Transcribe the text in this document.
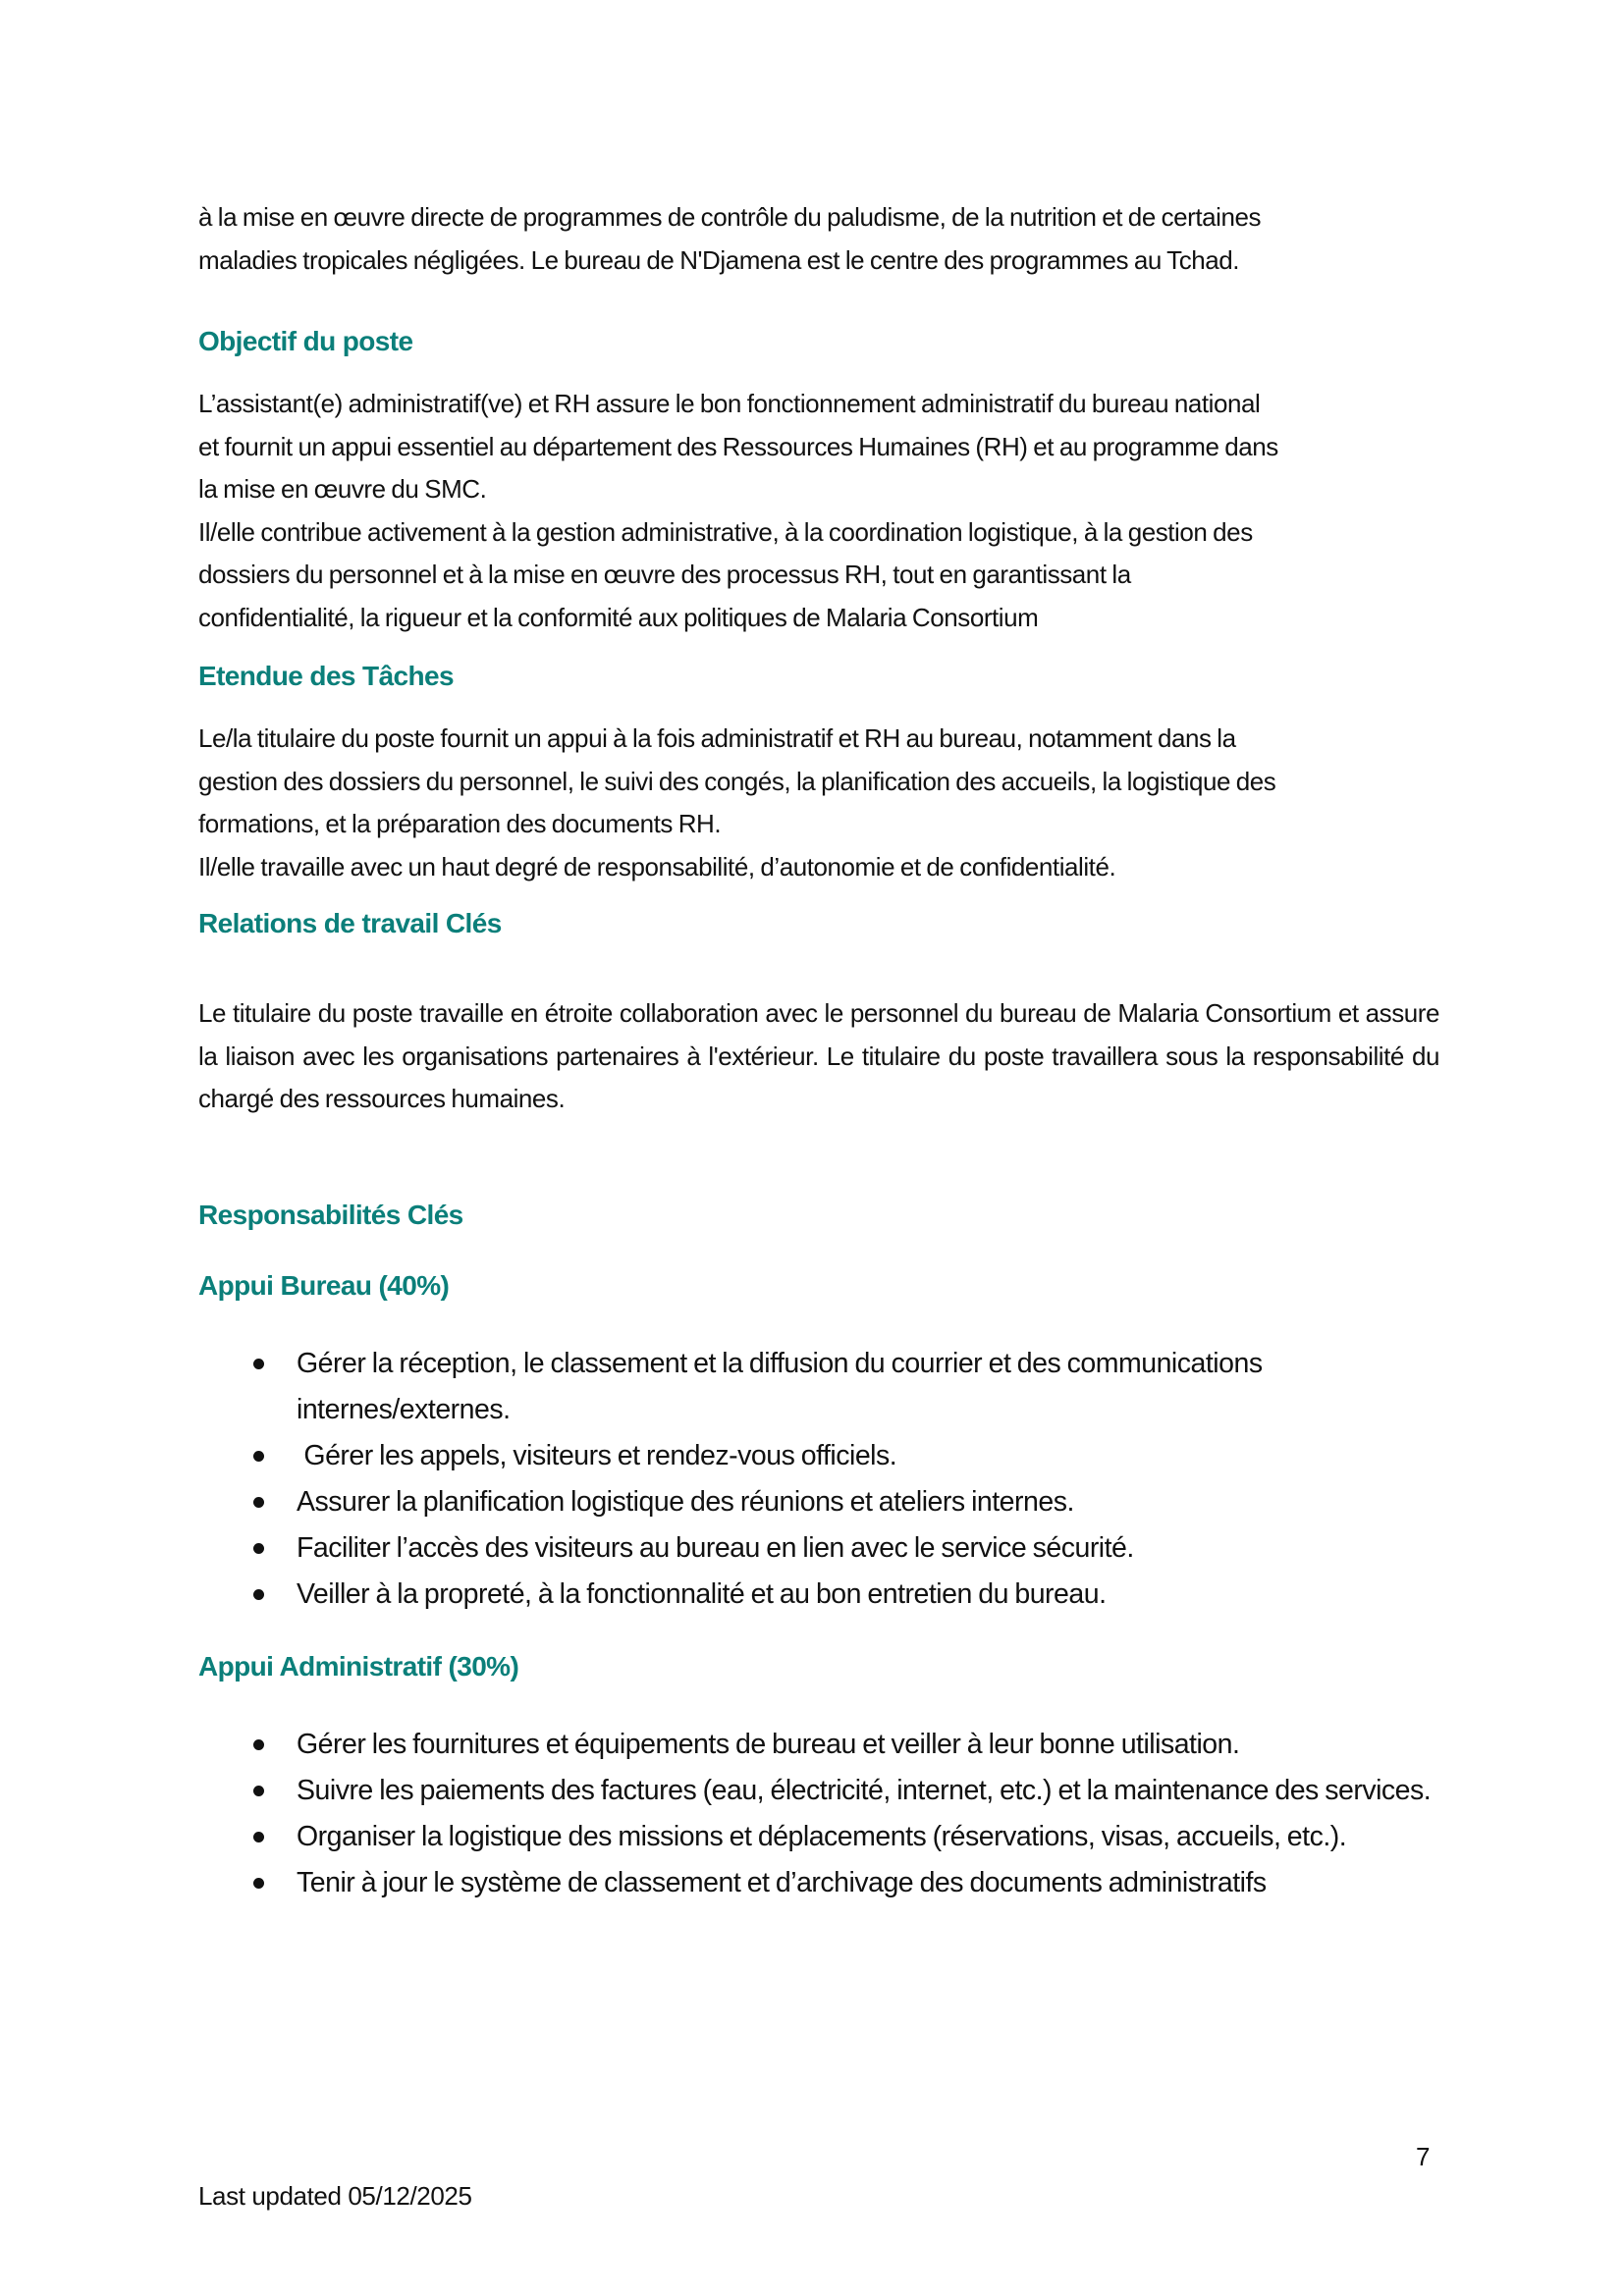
à la mise en œuvre directe de programmes de contrôle du paludisme, de la nutrition et de certaines

maladies tropicales négligées. Le bureau de N'Djamena est le centre des programmes au Tchad.

Objectif du poste

L’assistant(e) administratif(ve) et RH assure le bon fonctionnement administratif du bureau national

et fournit un appui essentiel au département des Ressources Humaines (RH) et au programme dans

la mise en œuvre du SMC.

Il/elle contribue activement à la gestion administrative, à la coordination logistique, à la gestion des

dossiers du personnel et à la mise en œuvre des processus RH, tout en garantissant la

confidentialité, la rigueur et la conformité aux politiques de Malaria Consortium

Etendue des Tâches

Le/la titulaire du poste fournit un appui à la fois administratif et RH au bureau, notamment dans la

gestion des dossiers du personnel, le suivi des congés, la planification des accueils, la logistique des

formations, et la préparation des documents RH.

Il/elle travaille avec un haut degré de responsabilité, d’autonomie et de confidentialité.

Relations de travail Clés

Le titulaire du poste travaille en étroite collaboration avec le personnel du bureau de Malaria Consortium et assure la liaison avec les organisations partenaires à l'extérieur. Le titulaire du poste travaillera sous la responsabilité du chargé des ressources humaines.

Responsabilités Clés
Appui Bureau (40%)
Gérer la réception, le classement et la diffusion du courrier et des communications internes/externes.
Gérer les appels, visiteurs et rendez-vous officiels.
Assurer la planification logistique des réunions et ateliers internes.
Faciliter l’accès des visiteurs au bureau en lien avec le service sécurité.
Veiller à la propreté, à la fonctionnalité et au bon entretien du bureau.
Appui Administratif (30%)
Gérer les fournitures et équipements de bureau et veiller à leur bonne utilisation.
Suivre les paiements des factures (eau, électricité, internet, etc.) et la maintenance des services.
Organiser la logistique des missions et déplacements (réservations, visas, accueils, etc.).
Tenir à jour le système de classement et d’archivage des documents administratifs
7
Last updated 05/12/2025
